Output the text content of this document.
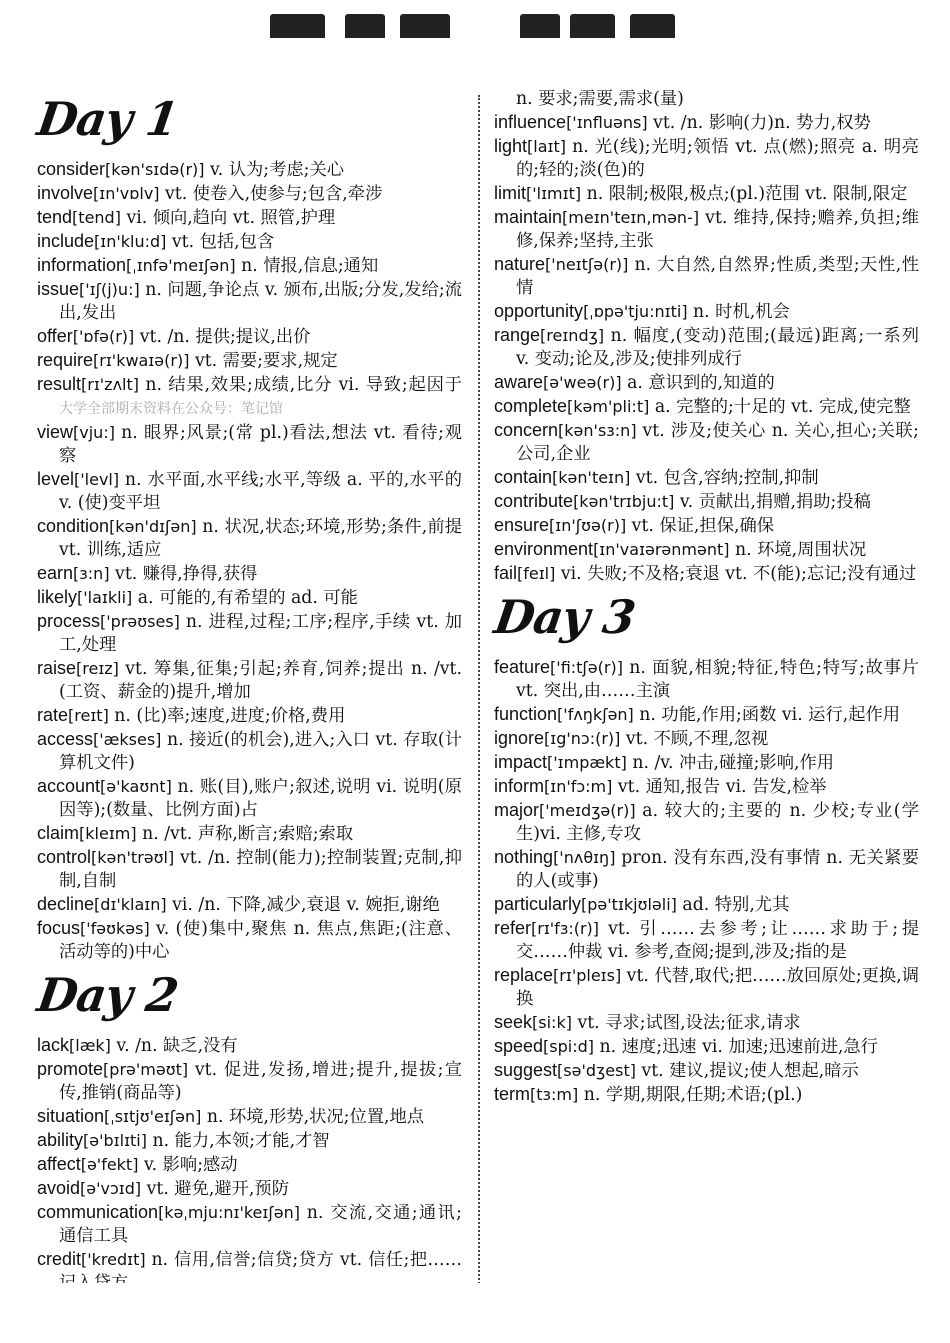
Day 1
consider[kən'sɪdə(r)] v. 认为;考虑;关心
involve[ɪn'vɒlv] vt. 使卷入,使参与;包含,牵涉
tend[tend] vi. 倾向,趋向 vt. 照管,护理
include[ɪn'klu:d] vt. 包括,包含
information[ˌɪnfə'meɪʃən] n. 情报,信息;通知
issue['ɪʃ(j)u:] n. 问题,争论点 v. 颁布,出版;分发,发给;流出,发出
offer['ɒfə(r)] vt. /n. 提供;提议,出价
require[rɪ'kwaɪə(r)] vt. 需要;要求,规定
result[rɪ'zʌlt] n. 结果,效果;成绩,比分 vi. 导致;起因于 大学全部期末资料在公众号：笔记馆
view[vju:] n. 眼界;风景;(常 pl.)看法,想法 vt. 看待;观察
level['levl] n. 水平面,水平线;水平,等级 a. 平的,水平的 v. (使)变平坦
condition[kən'dɪʃən] n. 状况,状态;环境,形势;条件,前提 vt. 训练,适应
earn[ɜ:n] vt. 赚得,挣得,获得
likely['laɪkli] a. 可能的,有希望的 ad. 可能
process['prəʊses] n. 进程,过程;工序;程序,手续 vt. 加工,处理
raise[reɪz] vt. 筹集,征集;引起;养育,饲养;提出 n. /vt. (工资、薪金的)提升,增加
rate[reɪt] n. (比)率;速度,进度;价格,费用
access['ækses] n. 接近(的机会),进入;入口 vt. 存取(计算机文件)
account[ə'kaʊnt] n. 账(目),账户;叙述,说明 vi. 说明(原因等);(数量、比例方面)占
claim[kleɪm] n. /vt. 声称,断言;索赔;索取
control[kən'trəʊl] vt. /n. 控制(能力);控制装置;克制,抑制,自制
decline[dɪ'klaɪn] vi. /n. 下降,减少,衰退 v. 婉拒,谢绝
focus['fəʊkəs] v. (使)集中,聚焦 n. 焦点,焦距;(注意、活动等的)中心
Day 2
lack[læk] v. /n. 缺乏,没有
promote[prə'məʊt] vt. 促进,发扬,增进;提升,提拔;宣传,推销(商品等)
situation[ˌsɪtjʊ'eɪʃən] n. 环境,形势,状况;位置,地点
ability[ə'bɪlɪti] n. 能力,本领;才能,才智
affect[ə'fekt] v. 影响;感动
avoid[ə'vɔɪd] vt. 避免,避开,预防
communication[kəˌmju:nɪ'keɪʃən] n. 交流,交通;通讯;通信工具
credit['kredɪt] n. 信用,信誉;信贷;贷方 vt. 信任;把……
n. 要求;需要,需求(量)
influence['ɪnfluəns] vt. /n. 影响(力)n. 势力,权势
light[laɪt] n. 光(线);光明;领悟 vt. 点(燃);照亮 a. 明亮的;轻的;淡(色)的
limit['lɪmɪt] n. 限制;极限,极点;(pl.)范围 vt. 限制,限定
maintain[meɪn'teɪn,mən-] vt. 维持,保持;赡养,负担;维修,保养;坚持,主张
nature['neɪtʃə(r)] n. 大自然,自然界;性质,类型;天性,性情
opportunity[ˌɒpə'tju:nɪti] n. 时机,机会
range[reɪndʒ] n. 幅度,(变动)范围;(最远)距离;一系列 v. 变动;论及,涉及;使排列成行
aware[ə'weə(r)] a. 意识到的,知道的
complete[kəm'pli:t] a. 完整的;十足的 vt. 完成,使完整
concern[kən'sɜ:n] vt. 涉及;使关心 n. 关心,担心;关联;公司,企业
contain[kən'teɪn] vt. 包含,容纳;控制,抑制
contribute[kən'trɪbju:t] v. 贡献出,捐赠,捐助;投稿
ensure[ɪn'ʃʊə(r)] vt. 保证,担保,确保
environment[ɪn'vaɪərənmənt] n. 环境,周围状况
fail[feɪl] vi. 失败;不及格;衰退 vt. 不(能);忘记;没有通过
Day 3
feature['fi:tʃə(r)] n. 面貌,相貌;特征,特色;特写;故事片 vt. 突出,由……主演
function['fʌŋkʃən] n. 功能,作用;函数 vi. 运行,起作用
ignore[ɪg'nɔ:(r)] vt. 不顾,不理,忽视
impact['ɪmpækt] n. /v. 冲击,碰撞;影响,作用
inform[ɪn'fɔ:m] vt. 通知,报告 vi. 告发,检举
major['meɪdʒə(r)] a. 较大的;主要的 n. 少校;专业(学生)vi. 主修,专攻
nothing['nʌθɪŋ] pron. 没有东西,没有事情 n. 无关紧要的人(或事)
particularly[pə'tɪkjʊləli] ad. 特别,尤其
refer[rɪ'fɜ:(r)] vt. 引……去参考;让……求助于;提交……仲裁 vi. 参考,查阅;提到,涉及;指的是
replace[rɪ'pleɪs] vt. 代替,取代;把……放回原处;更换,调换
seek[si:k] vt. 寻求;试图,设法;征求,请求
speed[spi:d] n. 速度;迅速 vi. 加速;迅速前进,急行
suggest[sə'dʒest] vt. 建议,提议;使人想起,暗示
term[tɜ:m] n. 学期,期限,任期;术语;(pl.)
